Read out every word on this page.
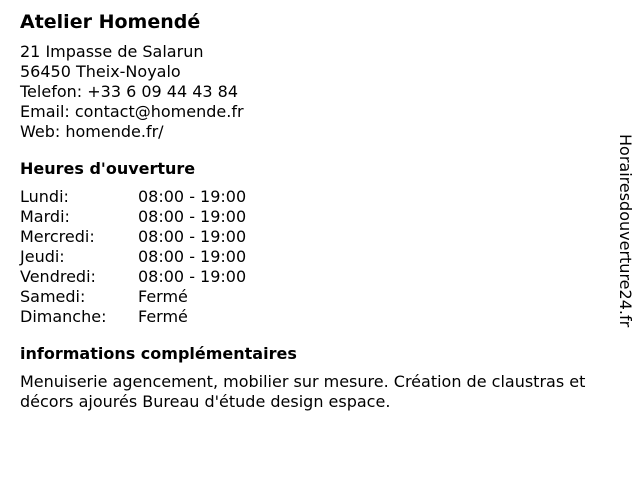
Atelier Homendé
21 Impasse de Salarun
56450 Theix-Noyalo
Telefon: +33 6 09 44 43 84
Email: contact@homende.fr
Web: homende.fr/
Heures d'ouverture
Lundi:	08:00 - 19:00
Mardi:	08:00 - 19:00
Mercredi:	08:00 - 19:00
Jeudi:	08:00 - 19:00
Vendredi:	08:00 - 19:00
Samedi:	Fermé
Dimanche:	Fermé
informations complémentaires
Menuiserie agencement, mobilier sur mesure. Création de claustras et décors ajourés Bureau d'étude design espace.
Horairesdouverture24.fr
